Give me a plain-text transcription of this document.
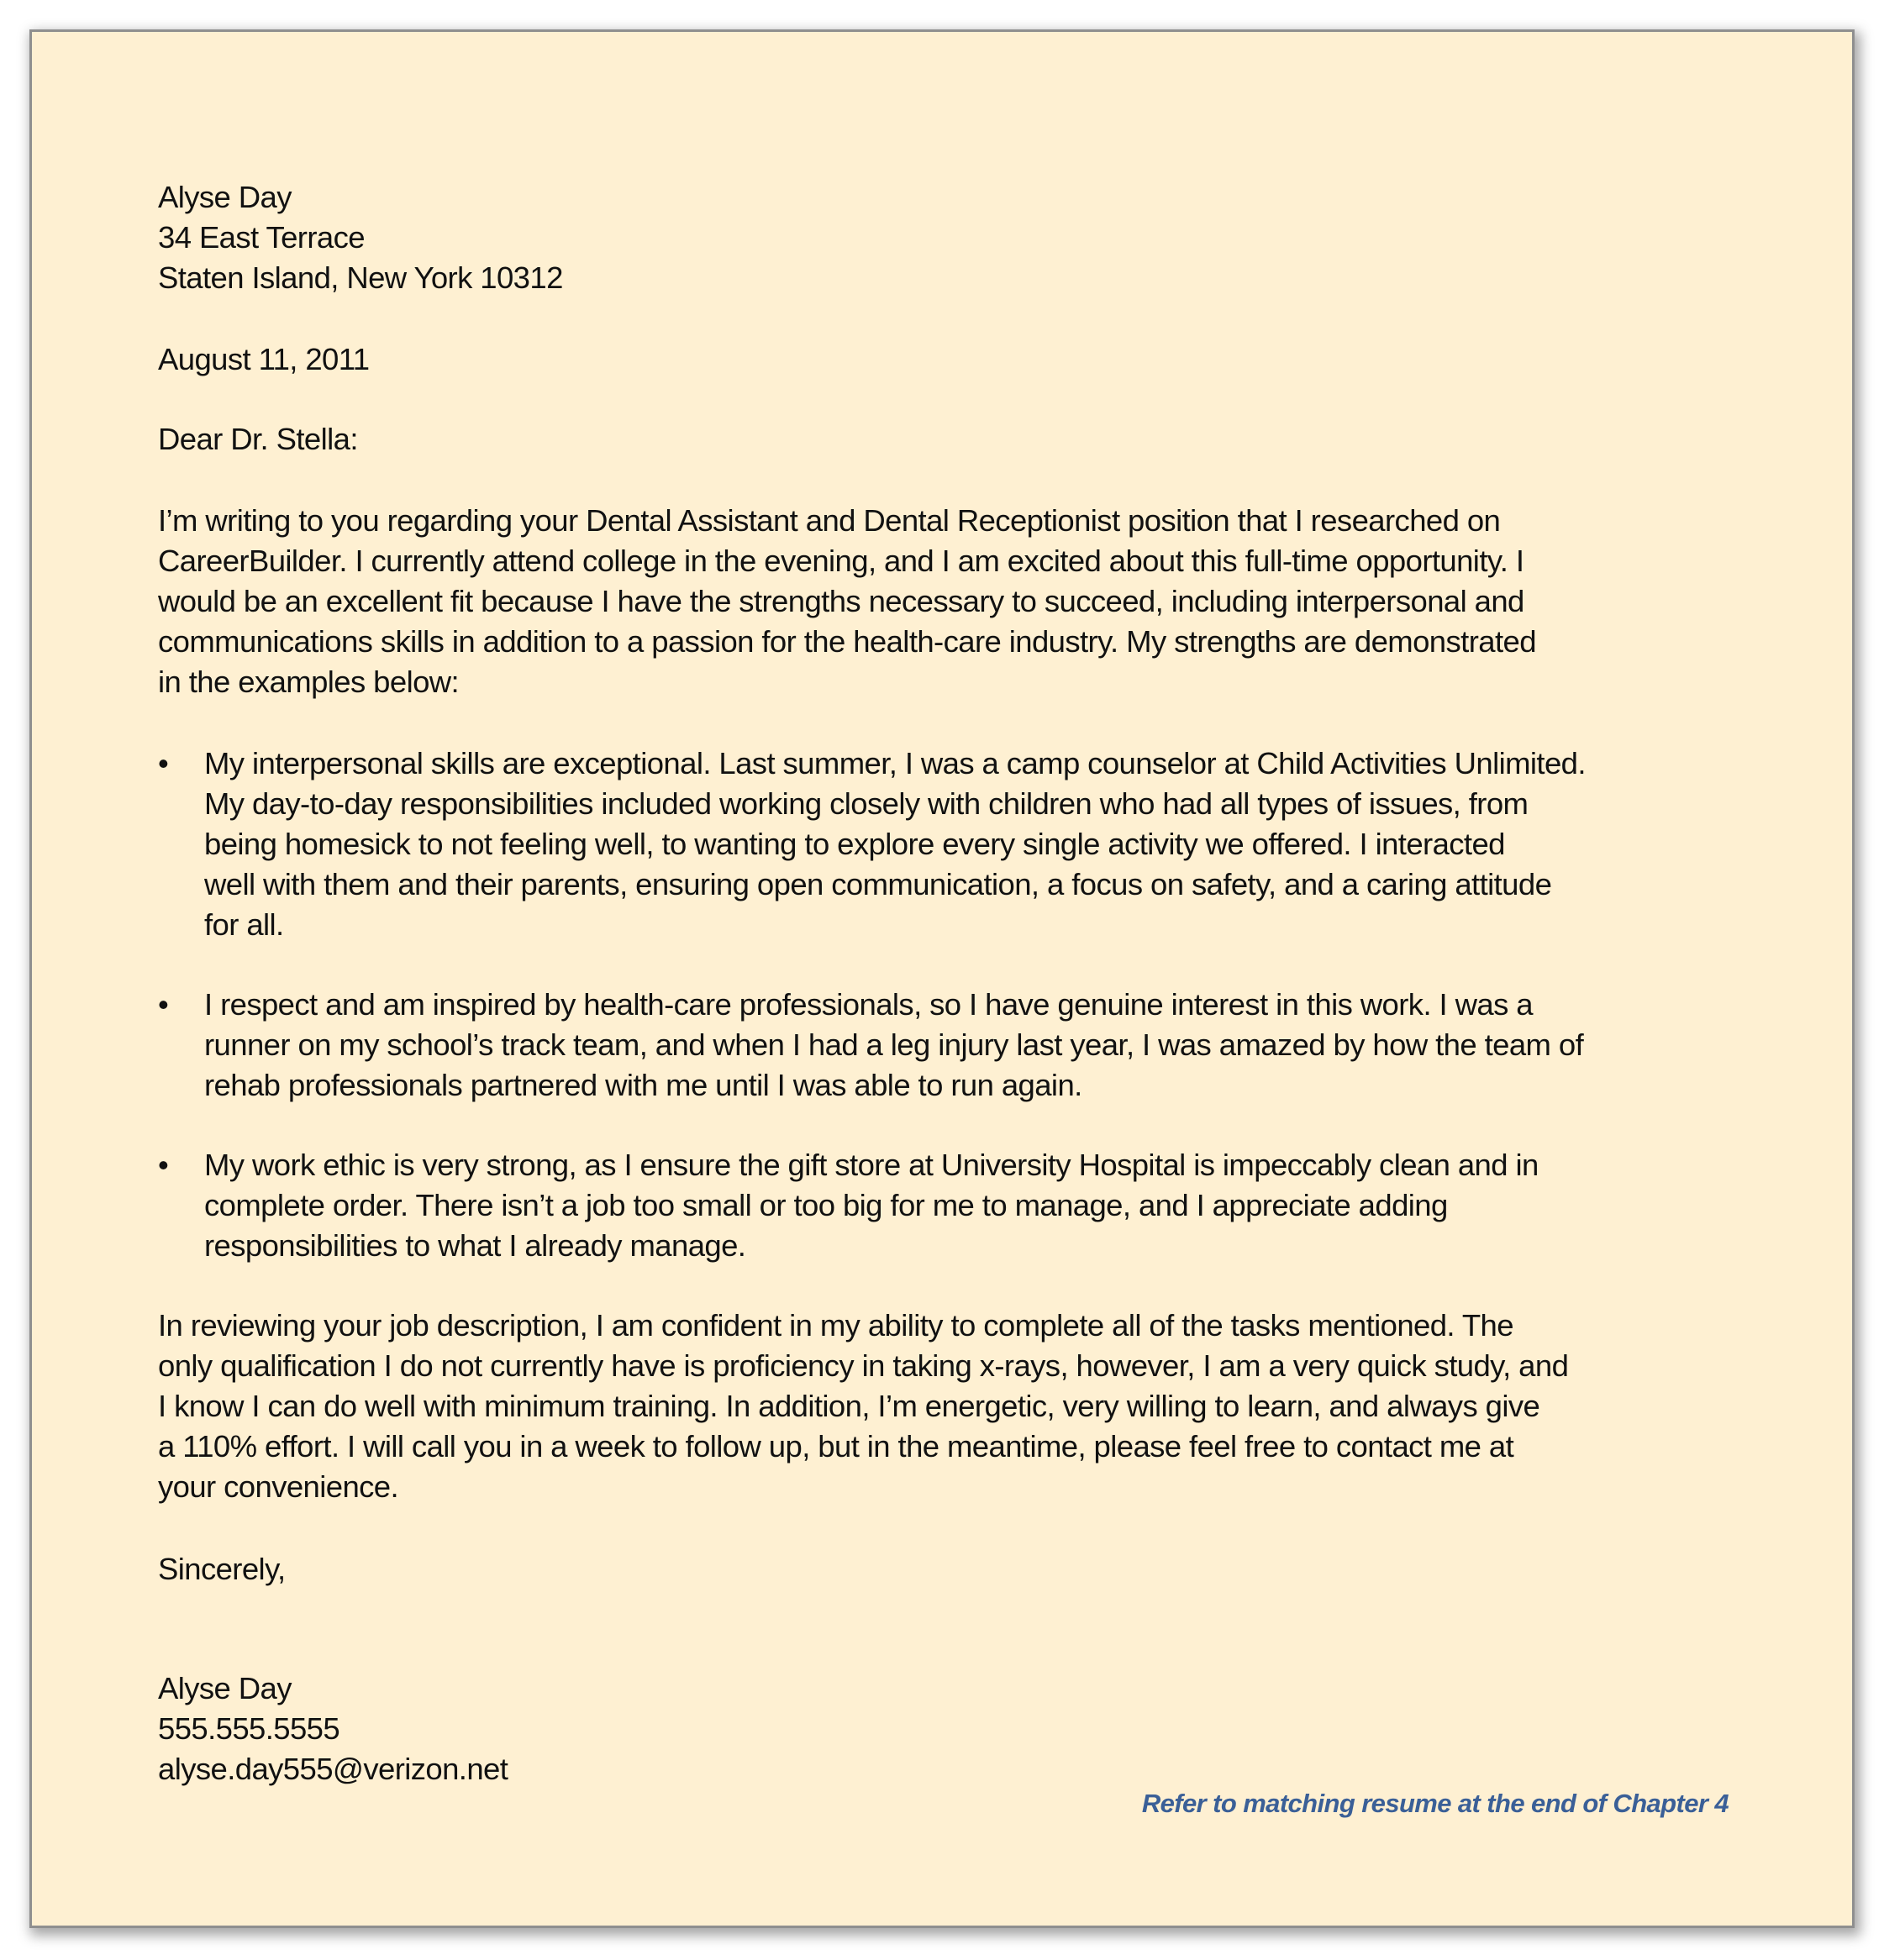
Alyse Day
34 East Terrace
Staten Island, New York 10312
August 11, 2011
Dear Dr. Stella:
I’m writing to you regarding your Dental Assistant and Dental Receptionist position that I researched on
CareerBuilder. I currently attend college in the evening, and I am excited about this full-time opportunity. I
would be an excellent fit because I have the strengths necessary to succeed, including interpersonal and
communications skills in addition to a passion for the health-care industry. My strengths are demonstrated
in the examples below:
•	My interpersonal skills are exceptional. Last summer, I was a camp counselor at Child Activities Unlimited.
My day-to-day responsibilities included working closely with children who had all types of issues, from
being homesick to not feeling well, to wanting to explore every single activity we offered. I interacted
well with them and their parents, ensuring open communication, a focus on safety, and a caring attitude
for all.
•	I respect and am inspired by health-care professionals, so I have genuine interest in this work. I was a
runner on my school’s track team, and when I had a leg injury last year, I was amazed by how the team of
rehab professionals partnered with me until I was able to run again.
•	My work ethic is very strong, as I ensure the gift store at University Hospital is impeccably clean and in
complete order. There isn’t a job too small or too big for me to manage, and I appreciate adding
responsibilities to what I already manage.
In reviewing your job description, I am confident in my ability to complete all of the tasks mentioned. The
only qualification I do not currently have is proficiency in taking x-rays, however, I am a very quick study, and
I know I can do well with minimum training. In addition, I’m energetic, very willing to learn, and always give
a 110% effort. I will call you in a week to follow up, but in the meantime, please feel free to contact me at
your convenience.
Sincerely,
Alyse Day
555.555.5555
alyse.day555@verizon.net
Refer to matching resume at the end of Chapter 4
